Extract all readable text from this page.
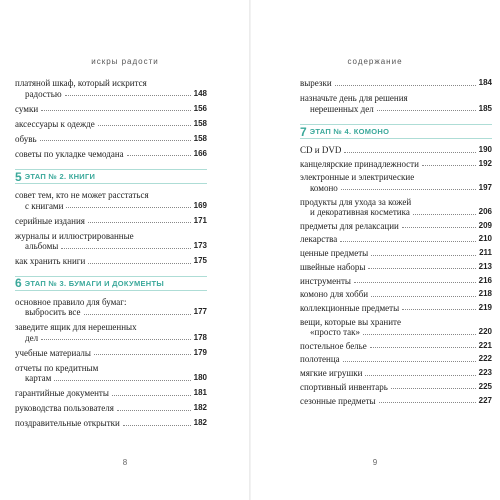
искры радости
платяной шкаф, который искрится
радостью	148
сумки	156
аксессуары к одежде	158
обувь	158
советы по укладке чемодана	166
5 ЭТАП № 2. КНИГИ
совет тем, кто не может расстаться
с книгами	169
серийные издания	171
журналы и иллюстрированные
альбомы	173
как хранить книги	175
6 ЭТАП № 3. БУМАГИ И ДОКУМЕНТЫ
основное правило для бумаг:
выбросить все	177
заведите ящик для нерешенных
дел	178
учебные материалы	179
отчеты по кредитным
картам	180
гарантийные документы	181
руководства пользователя	182
поздравительные открытки	182
8
содержание
вырезки	184
назначьте день для решения
нерешенных дел	185
7 ЭТАП № 4. КОМОНО
CD и DVD	190
канцелярские принадлежности	192
электронные и электрические
комоно	197
продукты для ухода за кожей
и декоративная косметика	206
предметы для релаксации	209
лекарства	210
ценные предметы	211
швейные наборы	213
инструменты	216
комоно для хобби	218
коллекционные предметы	219
вещи, которые вы храните
«просто так»	220
постельное белье	221
полотенца	222
мягкие игрушки	223
спортивный инвентарь	225
сезонные предметы	227
9
